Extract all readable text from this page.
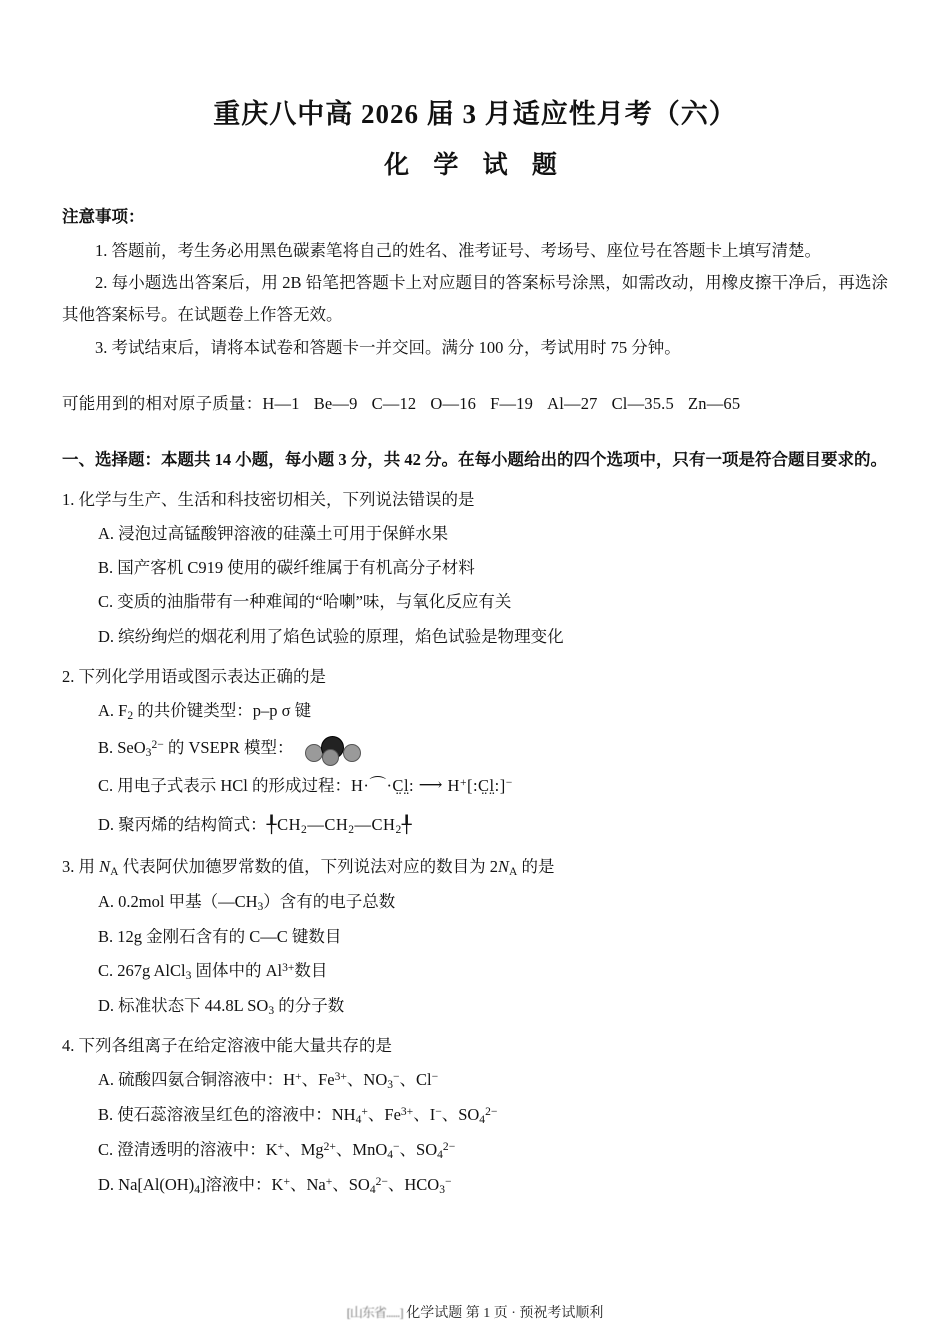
重庆八中高 2026 届 3 月适应性月考（六）
化 学 试 题
注意事项：

1. 答题前，考生务必用黑色碳素笔将自己的姓名、准考证号、考场号、座位号在答题卡上填写清楚。

2. 每小题选出答案后，用 2B 铅笔把答题卡上对应题目的答案标号涂黑，如需改动，用橡皮擦干净后，再选涂其他答案标号。在试题卷上作答无效。

3. 考试结束后，请将本试卷和答题卡一并交回。满分 100 分，考试用时 75 分钟。

可能用到的相对原子质量：H—1 Be—9 C—12 O—16 F—19 Al—27 Cl—35.5 Zn—65

一、选择题：本题共 14 小题，每小题 3 分，共 42 分。在每小题给出的四个选项中，只有一项是符合题目要求的。

1. 化学与生产、生活和科技密切相关，下列说法错误的是

A. 浸泡过高锰酸钾溶液的硅藻土可用于保鲜水果

B. 国产客机 C919 使用的碳纤维属于有机高分子材料

C. 变质的油脂带有一种难闻的“哈喇”味，与氧化反应有关

D. 缤纷绚烂的烟花利用了焰色试验的原理，焰色试验是物理变化

2. 下列化学用语或图示表达正确的是

A. $F_2$ 的共价键类型：p–p σ 键

B. SeO$_3^{2-}$ 的 VSEPR 模型：

C. 用电子式表示 HCl 的形成过程：H·⌒·C̤l̤: ⟶ H+[:C̤l̤:]−

D. 聚丙烯的结构简式：$╀CH_2—CH_2—CH_2╀$

3. 用 $N_A$ 代表阿伏加德罗常数的值，下列说法对应的数目为 $2N_A$ 的是

A. 0.2mol 甲基$(—CH_3)$含有的电子总数

B. 12g 金刚石含有的 C—C 键数目

C. 267g AlCl$_3$ 固体中的 $Al^{3+}$数目

D. 标准状态下 44.8L $SO_3$ 的分子数

4. 下列各组离子在给定溶液中能大量共存的是

A. 硫酸四氨合铜溶液中：H+、$Fe^{3+}$、$NO_3^-$、Cl−

B. 使石蕊溶液呈红色的溶液中：$NH_4^+$、$Fe^{3+}$、I−、$SO_4^{2-}$

C. 澄清透明的溶液中：K+、$Mg^{2+}$、MnO$_4$−、$SO_4^{2-}$

D. $Na[Al(OH)_4]$溶液中：K+、Na+、$SO_4^{2-}$、$HCO_3^-$

[山东省......] 化学试题 第 1 页 · 预祝考试顺利
